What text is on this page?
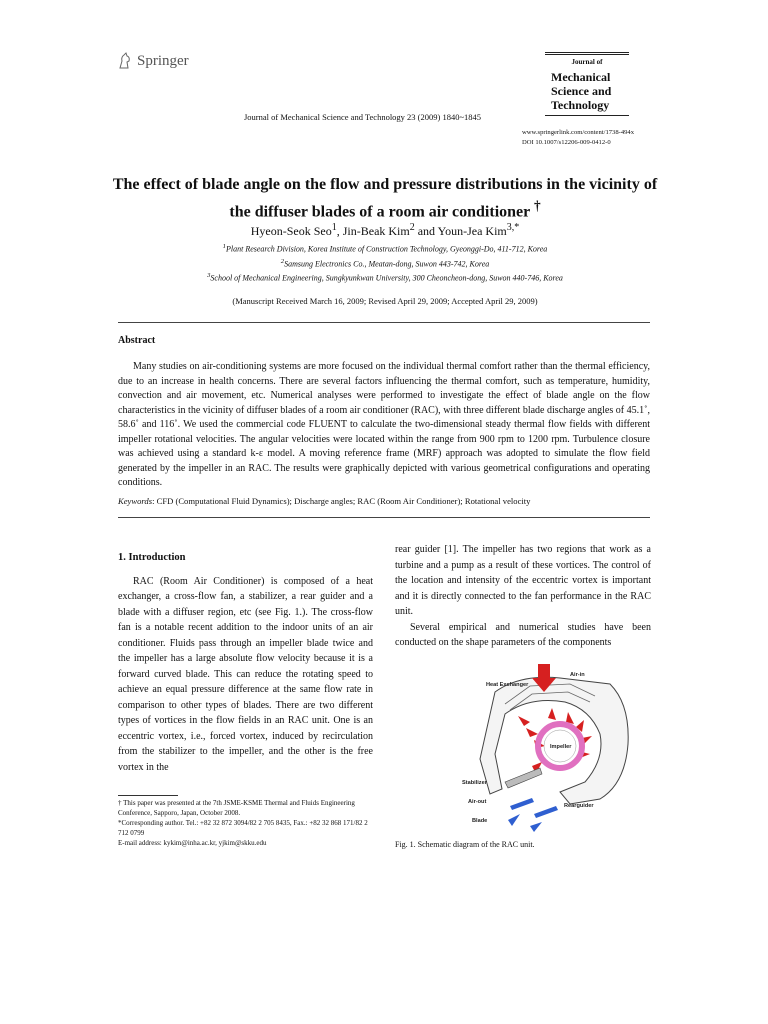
Springer	Journal of
Mechanical
Science and
Technology
Journal of Mechanical Science and Technology 23 (2009) 1840~1845
www.springerlink.com/content/1738-494x
DOI 10.1007/s12206-009-0412-0
The effect of blade angle on the flow and pressure distributions in the vicinity of the diffuser blades of a room air conditioner †
Hyeon-Seok Seo$^1$, Jin-Beak Kim$^2$ and Youn-Jea Kim$^{3,*}$
$^1$Plant Research Division, Korea Institute of Construction Technology, Gyeonggi-Do, 411-712, Korea
$^2$Samsung Electronics Co., Meatan-dong, Suwon 443-742, Korea
$^3$School of Mechanical Engineering, Sungkyunkwan University, 300 Cheoncheon-dong, Suwon 440-746, Korea
(Manuscript Received March 16, 2009; Revised April 29, 2009; Accepted April 29, 2009)
Abstract
Many studies on air-conditioning systems are more focused on the individual thermal comfort rather than the thermal efficiency, due to an increase in health concerns. There are several factors influencing the thermal comfort, such as temperature, humidity, convection and air movement, etc. Numerical analyses were performed to investigate the effect of blade angle on the flow characteristics in the vicinity of diffuser blades of a room air conditioner (RAC), with three different blade discharge angles of 45.1˚, 58.6˚ and 116˚. We used the commercial code FLUENT to calculate the two-dimensional steady thermal flow fields with different impeller rotational velocities. The angular velocities were located within the range from 900 rpm to 1200 rpm. Turbulence closure was achieved using a standard k-ε model. A moving reference frame (MRF) approach was adopted to simulate the flow field generated by the impeller in an RAC. The results were graphically depicted with various geometrical configurations and operating conditions.
Keywords: CFD (Computational Fluid Dynamics); Discharge angles; RAC (Room Air Conditioner); Rotational velocity
1. Introduction
RAC (Room Air Conditioner) is composed of a heat exchanger, a cross-flow fan, a stabilizer, a rear guider and a blade with a diffuser region, etc (see Fig. 1.). The cross-flow fan is a notable recent addition to the indoor units of an air conditioner. Fluids pass through an impeller blade twice and the impeller has a large absolute flow velocity because it is a forward curved blade. This can reduce the rotating speed to achieve an equal pressure difference at the same flow rate in comparison to other types of blades. There are two different types of vortices in the flow fields in an RAC unit. One is an eccentric vortex, i.e., forced vortex, induced by recirculation from the stabilizer to the impeller, and the other is the free vortex in the
† This paper was presented at the 7th JSME-KSME Thermal and Fluids Engineering Conference, Sapporo, Japan, October 2008.
*Corresponding author. Tel.: +82 32 872 3094/82 2 705 8435, Fax.: +82 32 868 171/82 2 712 0799
E-mail address: kykim@inha.ac.kr, yjkim@skku.edu
rear guider [1]. The impeller has two regions that work as a turbine and a pump as a result of these vortices. The control of the location and intensity of the eccentric vortex is important and it is directly connected to the fan performance in the RAC unit.
Several empirical and numerical studies have been conducted on the shape parameters of the components
Air-in
Heat Exchanger
Impeller
Stabilizer
Air-out
Blade
Rearguider
Fig. 1. Schematic diagram of the RAC unit.
